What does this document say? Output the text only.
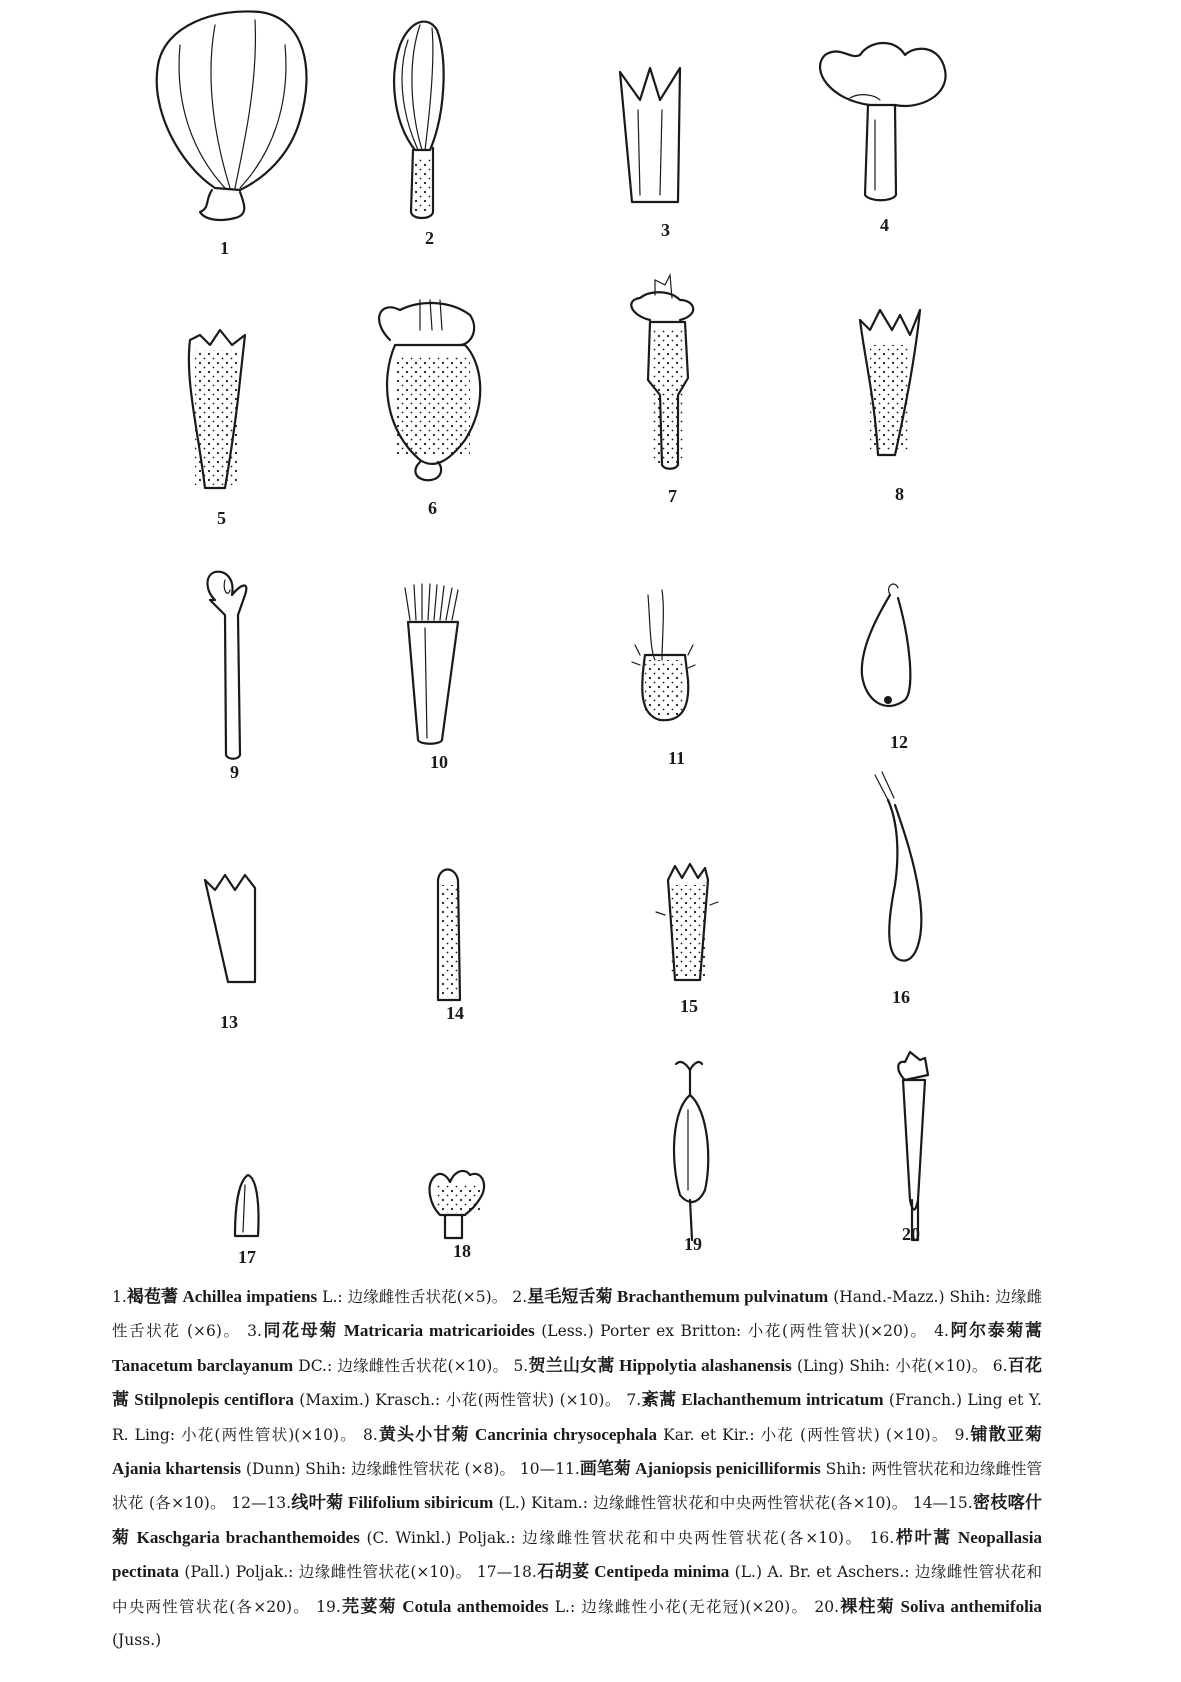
1	2	3	4
5	6
7	8
9	10	11
12
13	14	15	16
17	18	19	20
1.褐苞蓍 Achillea impatiens L.: 边缘雌性舌状花(×5)。 2.星毛短舌菊 Brachanthemum pulvinatum (Hand.-Mazz.) Shih: 边缘雌性舌状花 (×6)。 3.同花母菊 Matricaria matricarioides (Less.) Porter ex Britton: 小花(两性管状)(×20)。 4.阿尔泰菊蒿 Tanacetum barclayanum DC.: 边缘雌性舌状花(×10)。 5.贺兰山女蒿 Hippolytia alashanensis (Ling) Shih: 小花(×10)。 6.百花蒿 Stilpnolepis centiflora (Maxim.) Krasch.: 小花(两性管状) (×10)。 7.紊蒿 Elachanthemum intricatum (Franch.) Ling et Y. R. Ling: 小花(两性管状)(×10)。 8.黄头小甘菊 Cancrinia chrysocephala Kar. et Kir.: 小花 (两性管状) (×10)。 9.铺散亚菊 Ajania khartensis (Dunn) Shih: 边缘雌性管状花 (×8)。 10—11.画笔菊 Ajaniopsis penicilliformis Shih: 两性管状花和边缘雌性管状花 (各×10)。 12—13.线叶菊 Filifolium sibiricum (L.) Kitam.: 边缘雌性管状花和中央两性管状花(各×10)。 14—15.密枝喀什菊 Kaschgaria brachanthemoides (C. Winkl.) Poljak.: 边缘雌性管状花和中央两性管状花(各×10)。 16.栉叶蒿 Neopallasia pectinata (Pall.) Poljak.: 边缘雌性管状花(×10)。 17—18.石胡荽 Centipeda minima (L.) A. Br. et Aschers.: 边缘雌性管状花和中央两性管状花(各×20)。 19.芫荽菊 Cotula anthemoides L.: 边缘雌性小花(无花冠)(×20)。 20.裸柱菊 Soliva anthemifolia (Juss.)
